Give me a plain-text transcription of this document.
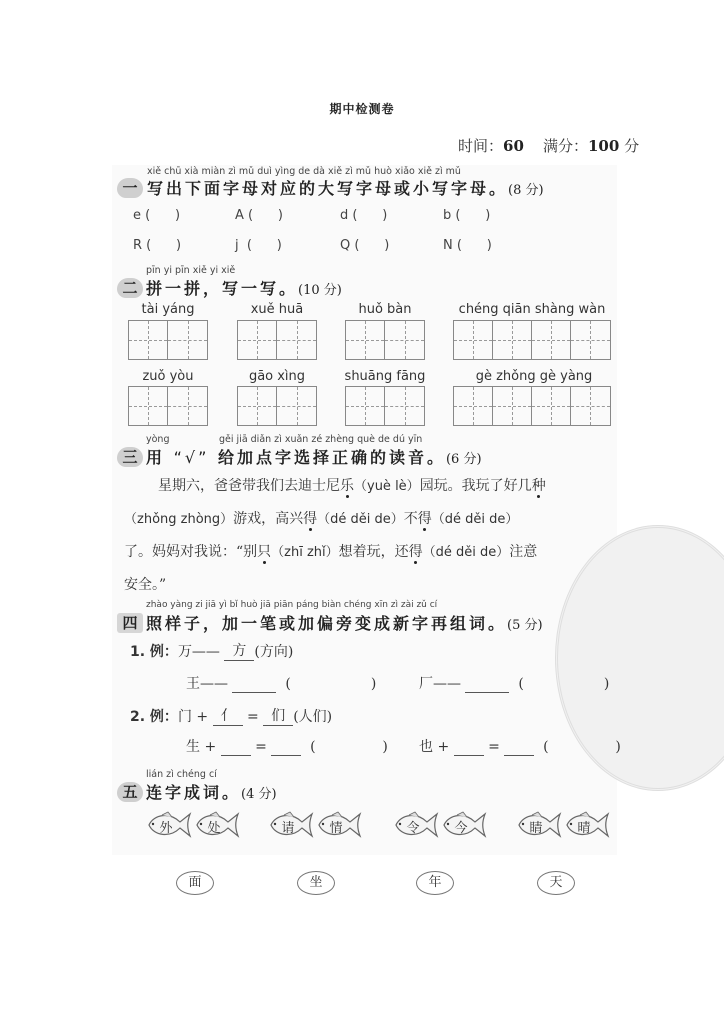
期中检测卷
时间：60 满分：100 分
xiě chū xià miàn zì mǔ duì yìng de dà xiě zì mǔ huò xiǎo xiě zì mǔ
一 写出下面字母对应的大写字母或小写字母。(8 分)
e (      )	A (      )	d (      )	b (      )
R (      )	j  (      )	Q (      )	N (      )
pīn yi pīn xiě yi xiě
二 拼一拼，写一写。(10 分)
tài yáng	xuě huā	huǒ bàn	chéng qiān shàng wàn
zuǒ yòu	gāo xìng	shuāng fāng	gè zhǒng gè yàng
yòng	gěi jiā diǎn zì xuǎn zé zhèng què de dú yīn
三 用 “√” 给加点字选择正确的读音。(6 分)
星期六，爸爸带我们去迪士尼乐（yuè lè）园玩。我玩了好几种
（zhǒng zhòng）游戏，高兴得（dé děi de）不得（dé děi de）
了。妈妈对我说：“别只（zhī zhǐ）想着玩，还得（dé děi de）注意
安全。”
zhào yàng zi jiā yì bǐ huò jiā piān páng biàn chéng xīn zì zài zǔ cí
四 照样子，加一笔或加偏旁变成新字再组词。(5 分)
1. 例：万—— 方 (方向)
王——	(                  )	厂——	(                  )
2. 例：门 + 亻 = 们 (人们)
生 +  =   (               ) 也 +  =   (               )
lián zì chéng cí
五 连字成词。(4 分)
外	处	请	情	令	今	睛	晴
面	坐	年	天
